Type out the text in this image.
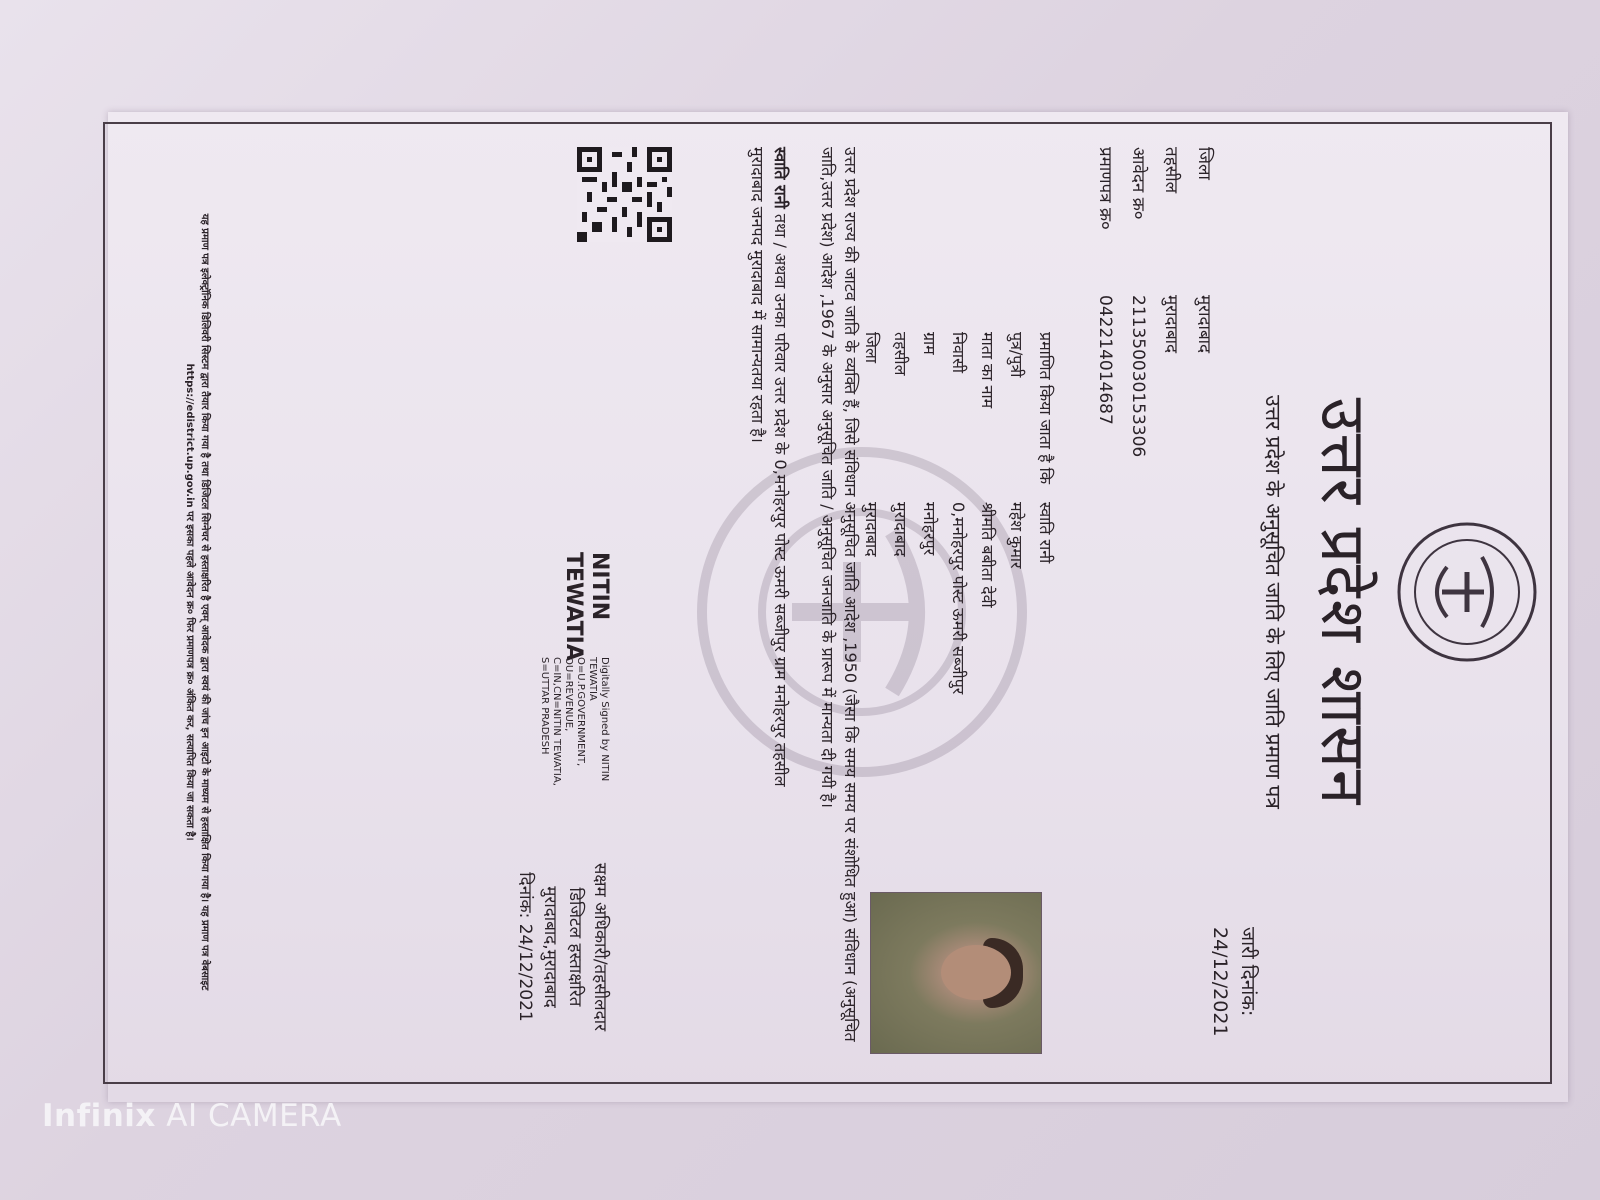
उत्तर प्रदेश शासन
उत्तर प्रदेश के अनुसूचित जाति के लिए जाति प्रमाण पत्र
जारी दिनांक:
24/12/2021
जिलामुरादाबाद
तहसीलमुरादाबाद
आवेदन क्र०211350030153306
प्रमाणपत्र क्र०042214014687
प्रमाणित किया जाता है किस्वाति रानी
पुत्र/पुत्रीमहेश कुमार
माता का नामश्रीमति बबीता देवी
निवासी0,मनोहरपुर पोस्ट ऊमरी सब्जीपुर
ग्राममनोहरपुर
तहसीलमुरादाबाद
जिलामुरादाबाद
उत्तर प्रदेश राज्य की जाटव जाति के व्यक्ति हैं, जिसे संविधान अनुसूचित जाति आदेश ,1950 (जैसा कि समय समय पर संशोधित हुआ) संविधान (अनुसूचित जाति,उत्तर प्रदेश) आदेश ,1967 के अनुसार अनुसूचित जाति / अनुसूचित जनजाति के प्रारूप में मान्यता दी गयी है।
स्वाति रानी तथा / अथवा उनका परिवार उत्तर प्रदेश के 0,मनोहरपुर पोस्ट ऊमरी सब्जीपुर ग्राम मनोहरपुर तहसील
मुरादाबाद जनपद मुरादाबाद में सामान्यतया रहता है।
NITIN
TEWATIA
Digitally Signed by NITIN TEWATIA O=U.P.GOVERNMENT, OU=REVENUE, C=IN,CN=NITIN TEWATIA, S=UTTAR PRADESH
सक्षम अधिकारी/तहसीलदार
डिजिटल हस्ताक्षरित
मुरादाबाद,मुरादाबाद
दिनांक: 24/12/2021
यह प्रमाण पत्र इलेक्ट्रॉनिक डिलिवरी सिस्टम द्वारा तैयार किया गया है तथा डिजिटल सिग्नेचर से हस्ताक्षरित है एवम् आवेदक द्वारा स्वयं की जांच इन आइटो के माध्यम से हस्ताक्षित किया गया है। यह प्रमाण पत्र वेबसाइट https://edistrict.up.gov.in पर इसका पहले आवेदन क्र० फिर प्रमाणपत्र क्र० अंकित कर, सत्यापित किया जा सकता है।
Infinix AI CAMERA
